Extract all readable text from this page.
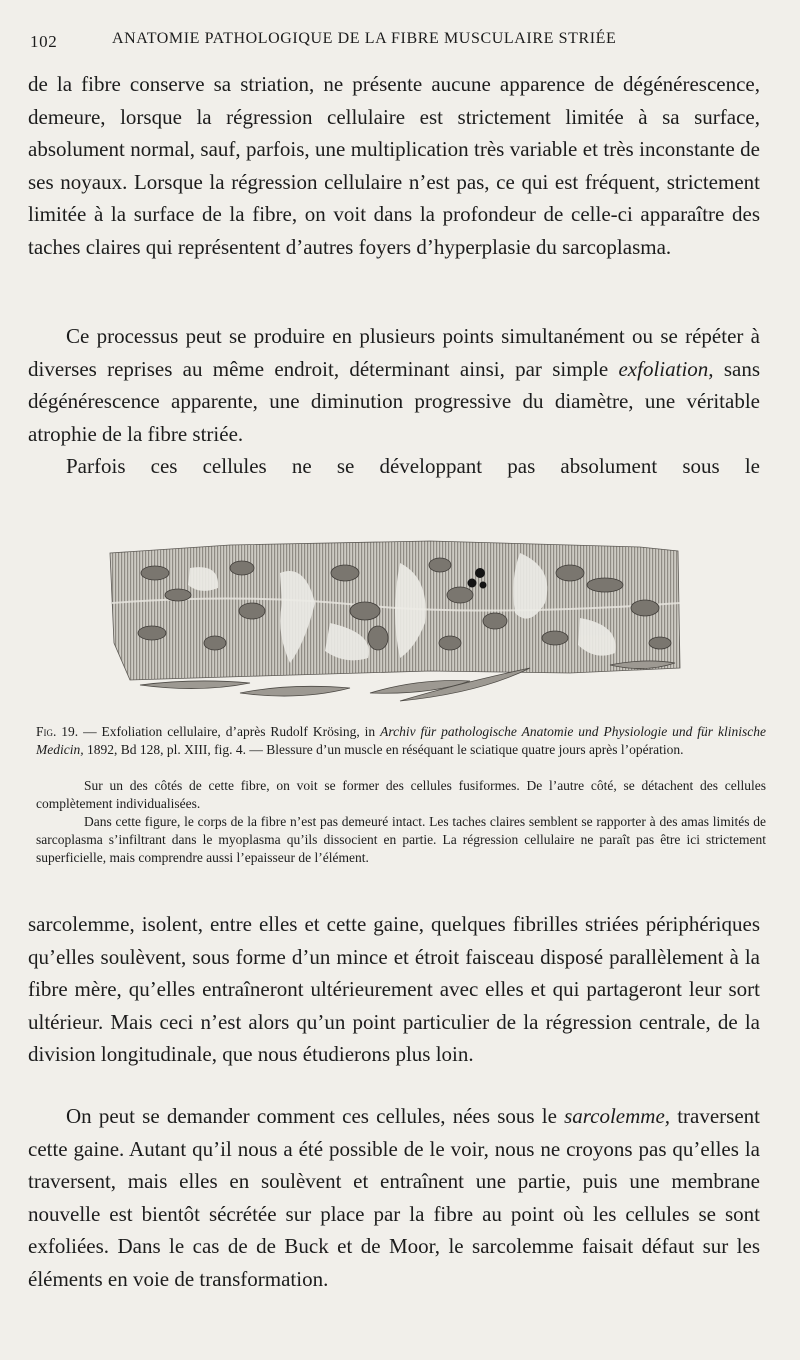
102	ANATOMIE PATHOLOGIQUE DE LA FIBRE MUSCULAIRE STRIÉE

de la fibre conserve sa striation, ne présente aucune apparence de dégénérescence, demeure, lorsque la régression cellulaire est strictement limitée à sa surface, absolument normal, sauf, parfois, une multiplication très variable et très inconstante de ses noyaux. Lorsque la régression cellulaire n’est pas, ce qui est fréquent, strictement limitée à la surface de la fibre, on voit dans la profondeur de celle-ci apparaître des taches claires qui représentent d’autres foyers d’hyperplasie du sarcoplasma.

Ce processus peut se produire en plusieurs points simultanément ou se répéter à diverses reprises au même endroit, déterminant ainsi, par simple exfoliation, sans dégénérescence apparente, une diminution progressive du diamètre, une véritable atrophie de la fibre striée.

Parfois ces cellules ne se développant pas absolument sous le

Fig. 19. — Exfoliation cellulaire, d’après Rudolf Krösing, in Archiv für pathologische Anatomie und Physiologie und für klinische Medicin, 1892, Bd 128, pl. XIII, fig. 4. — Blessure d’un muscle en réséquant le sciatique quatre jours après l’opération.

Sur un des côtés de cette fibre, on voit se former des cellules fusiformes. De l’autre côté, se détachent des cellules complètement individualisées.

Dans cette figure, le corps de la fibre n’est pas demeuré intact. Les taches claires semblent se rapporter à des amas limités de sarcoplasma s’infiltrant dans le myoplasma qu’ils dissocient en partie. La régression cellulaire ne paraît pas être ici strictement superficielle, mais comprendre aussi l’epaisseur de l’élément.

sarcolemme, isolent, entre elles et cette gaine, quelques fibrilles striées périphériques qu’elles soulèvent, sous forme d’un mince et étroit faisceau disposé parallèlement à la fibre mère, qu’elles entraîneront ultérieurement avec elles et qui partageront leur sort ultérieur. Mais ceci n’est alors qu’un point particulier de la régression centrale, de la division longitudinale, que nous étudierons plus loin.

On peut se demander comment ces cellules, nées sous le sarcolemme, traversent cette gaine. Autant qu’il nous a été possible de le voir, nous ne croyons pas qu’elles la traversent, mais elles en soulèvent et entraînent une partie, puis une membrane nouvelle est bientôt sécrétée sur place par la fibre au point où les cellules se sont exfoliées. Dans le cas de de Buck et de Moor, le sarcolemme faisait défaut sur les éléments en voie de transformation.
